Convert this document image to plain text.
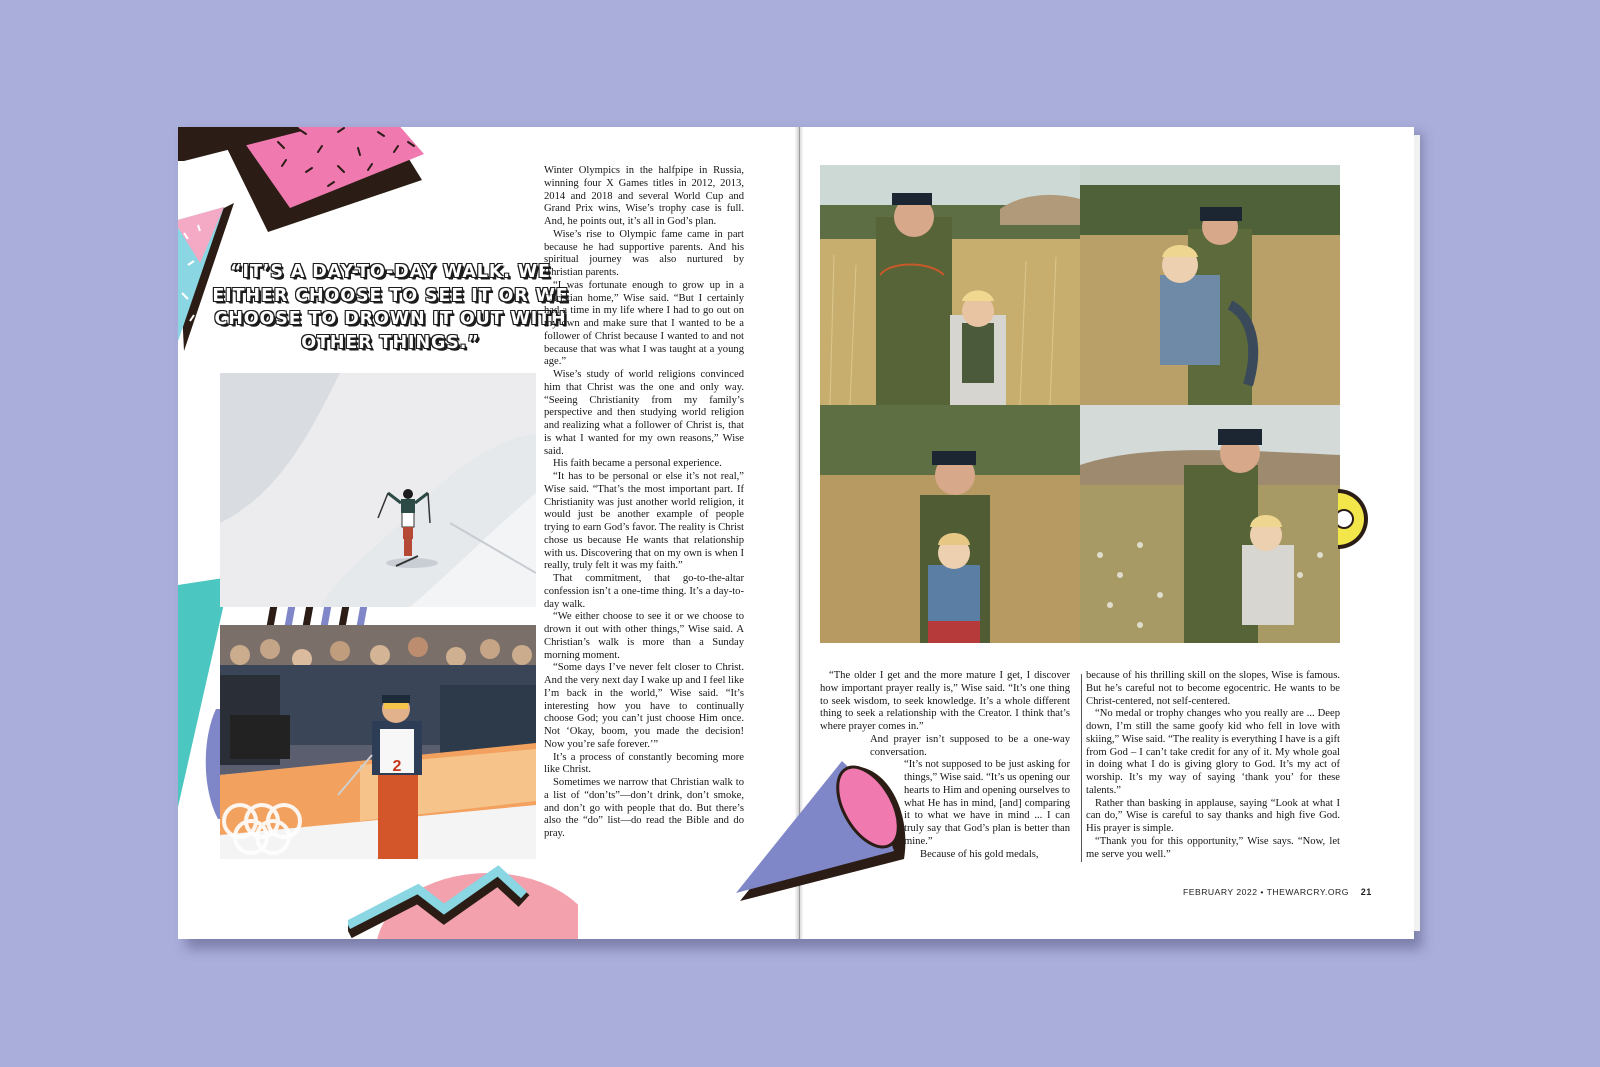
“IT’S A DAY-TO-DAY WALK. WE EITHER CHOOSE TO SEE IT OR WE CHOOSE TO DROWN IT OUT WITH OTHER THINGS.”
2

Winter Olympics in the halfpipe in Russia, winning four X Games titles in 2012, 2013, 2014 and 2018 and several World Cup and Grand Prix wins, Wise’s trophy case is full. And, he points out, it’s all in God’s plan.

Wise’s rise to Olympic fame came in part because he had supportive parents. And his spiritual journey was also nurtured by Christian parents.

“I was fortunate enough to grow up in a Christian home,” Wise said. “But I certainly had a time in my life where I had to go out on my own and make sure that I wanted to be a follower of Christ because I wanted to and not because that was what I was taught at a young age.”

Wise’s study of world religions convinced him that Christ was the one and only way. “Seeing Christianity from my family’s perspective and then studying world religion and realizing what a follower of Christ is, that is what I wanted for my own reasons,” Wise said.

His faith became a personal experience.

“It has to be personal or else it’s not real,” Wise said. “That’s the most important part. If Christianity was just another world religion, it would just be another example of people trying to earn God’s favor. The reality is Christ chose us because He wants that relationship with us. Discovering that on my own is when I really, truly felt it was my faith.”

That commitment, that go-to-the-altar confession isn’t a one-time thing. It’s a day-to-day walk.

“We either choose to see it or we choose to drown it out with other things,” Wise said. A Christian’s walk is more than a Sunday morning moment.

“Some days I’ve never felt closer to Christ. And the very next day I wake up and I feel like I’m back in the world,” Wise said. “It’s interesting how you have to continually choose God; you can’t just choose Him once. Not ‘Okay, boom, you made the decision! Now you’re safe forever.’”

It’s a process of constantly becoming more like Christ.

Sometimes we narrow that Christian walk to a list of “don’ts”—don’t drink, don’t smoke, and don’t go with people that do. But there’s also the “do” list—do read the Bible and do pray.

“The older I get and the more mature I get, I discover how important prayer really is,” Wise said. “It’s one thing to seek wisdom, to seek knowledge. It’s a whole different thing to seek a relationship with the Creator. I think that’s where prayer comes in.”

And prayer isn’t supposed to be a one-way conversation.

“It’s not supposed to be just asking for things,” Wise said. “It’s us opening our hearts to Him and opening ourselves to what He has in mind, [and] comparing it to what we have in mind ... I can truly say that God’s plan is better than mine.”

Because of his gold medals,

because of his thrilling skill on the slopes, Wise is famous. But he’s careful not to become egocentric. He wants to be Christ-centered, not self-centered.

“No medal or trophy changes who you really are ... Deep down, I’m still the same goofy kid who fell in love with skiing,” Wise said. “The reality is everything I have is a gift from God – I can’t take credit for any of it. My whole goal in doing what I do is giving glory to God. It’s my act of worship. It’s my way of saying ‘thank you’ for these talents.”

Rather than basking in applause, saying “Look at what I can do,” Wise is careful to say thanks and high five God. His prayer is simple.

“Thank you for this opportunity,” Wise says. “Now, let me serve you well.”

FEBRUARY 2022 • THEWARCRY.ORG 21
